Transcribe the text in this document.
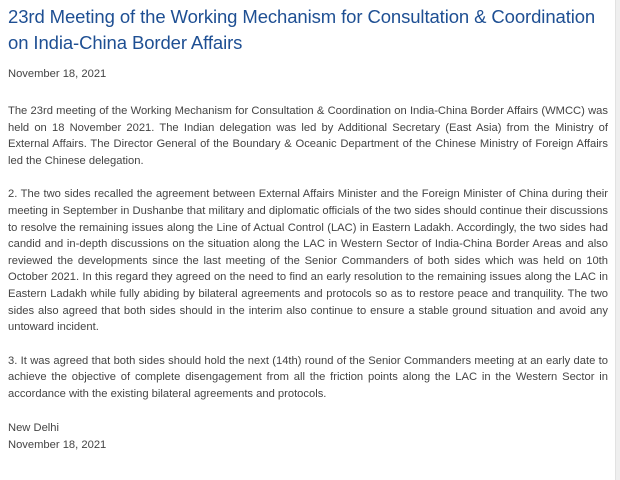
23rd Meeting of the Working Mechanism for Consultation & Coordination on India-China Border Affairs
November 18, 2021

The 23rd meeting of the Working Mechanism for Consultation & Coordination on India-China Border Affairs (WMCC) was held on 18 November 2021. The Indian delegation was led by Additional Secretary (East Asia) from the Ministry of External Affairs. The Director General of the Boundary & Oceanic Department of the Chinese Ministry of Foreign Affairs led the Chinese delegation.

2. The two sides recalled the agreement between External Affairs Minister and the Foreign Minister of China during their meeting in September in Dushanbe that military and diplomatic officials of the two sides should continue their discussions to resolve the remaining issues along the Line of Actual Control (LAC) in Eastern Ladakh. Accordingly, the two sides had candid and in-depth discussions on the situation along the LAC in Western Sector of India-China Border Areas and also reviewed the developments since the last meeting of the Senior Commanders of both sides which was held on 10th October 2021. In this regard they agreed on the need to find an early resolution to the remaining issues along the LAC in Eastern Ladakh while fully abiding by bilateral agreements and protocols so as to restore peace and tranquility. The two sides also agreed that both sides should in the interim also continue to ensure a stable ground situation and avoid any untoward incident.

3. It was agreed that both sides should hold the next (14th) round of the Senior Commanders meeting at an early date to achieve the objective of complete disengagement from all the friction points along the LAC in the Western Sector in accordance with the existing bilateral agreements and protocols.

New Delhi
November 18, 2021
